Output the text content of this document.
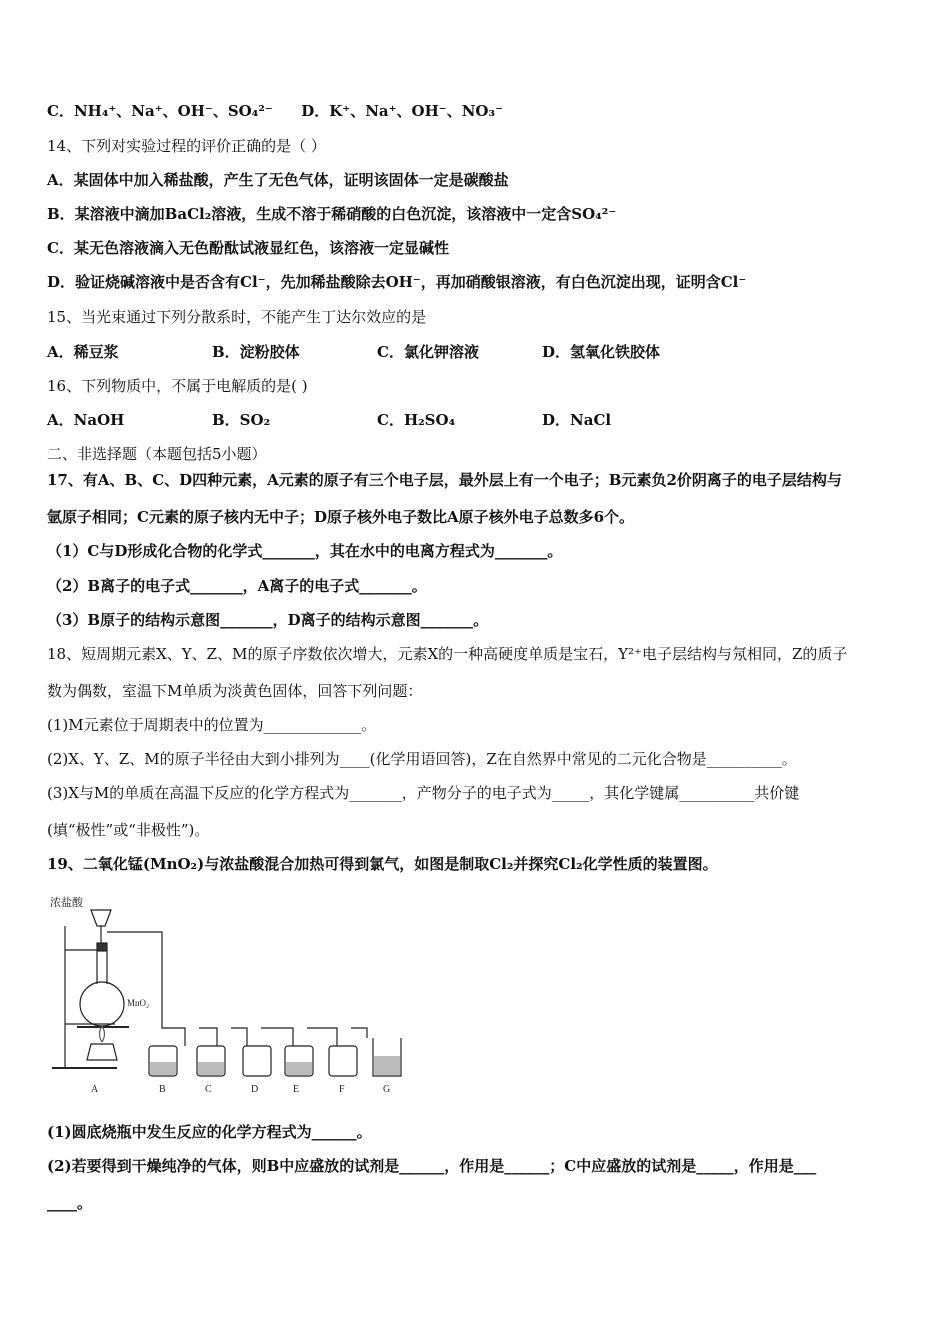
C．NH₄⁺、Na⁺、OH⁻、SO₄²⁻ D．K⁺、Na⁺、OH⁻、NO₃⁻
14、下列对实验过程的评价正确的是（ ）
A．某固体中加入稀盐酸，产生了无色气体，证明该固体一定是碳酸盐
B．某溶液中滴加BaCl₂溶液，生成不溶于稀硝酸的白色沉淀，该溶液中一定含SO₄²⁻
C．某无色溶液滴入无色酚酞试液显红色，该溶液一定显碱性
D．验证烧碱溶液中是否含有Cl⁻，先加稀盐酸除去OH⁻，再加硝酸银溶液，有白色沉淀出现，证明含Cl⁻
15、当光束通过下列分散系时，不能产生丁达尔效应的是
A．稀豆浆	B．淀粉胶体	C．氯化钾溶液	D．氢氧化铁胶体
16、下列物质中，不属于电解质的是( )
A．NaOH	B．SO₂	C．H₂SO₄	D．NaCl
二、非选择题（本题包括5小题）
17、有A、B、C、D四种元素，A元素的原子有三个电子层，最外层上有一个电子；B元素负2价阴离子的电子层结构与
氩原子相同；C元素的原子核内无中子；D原子核外电子数比A原子核外电子总数多6个。
（1）C与D形成化合物的化学式_______，其在水中的电离方程式为_______。
（2）B离子的电子式_______，A离子的电子式_______。
（3）B原子的结构示意图_______，D离子的结构示意图_______。
18、短周期元素X、Y、Z、M的原子序数依次增大，元素X的一种高硬度单质是宝石，Y²⁺电子层结构与氖相同，Z的质子
数为偶数，室温下M单质为淡黄色固体，回答下列问题：
(1)M元素位于周期表中的位置为_____________。
(2)X、Y、Z、M的原子半径由大到小排列为____(化学用语回答)，Z在自然界中常见的二元化合物是__________。
(3)X与M的单质在高温下反应的化学方程式为_______，产物分子的电子式为_____，其化学键属__________共价键
(填“极性”或“非极性”)。
19、二氧化锰(MnO₂)与浓盐酸混合加热可得到氯气，如图是制取Cl₂并探究Cl₂化学性质的装置图。
浓盐酸
MnO₂
A	B	C	D	E	F	G
(1)圆底烧瓶中发生反应的化学方程式为______。
(2)若要得到干燥纯净的气体，则B中应盛放的试剂是______，作用是______；C中应盛放的试剂是_____，作用是___
____。
